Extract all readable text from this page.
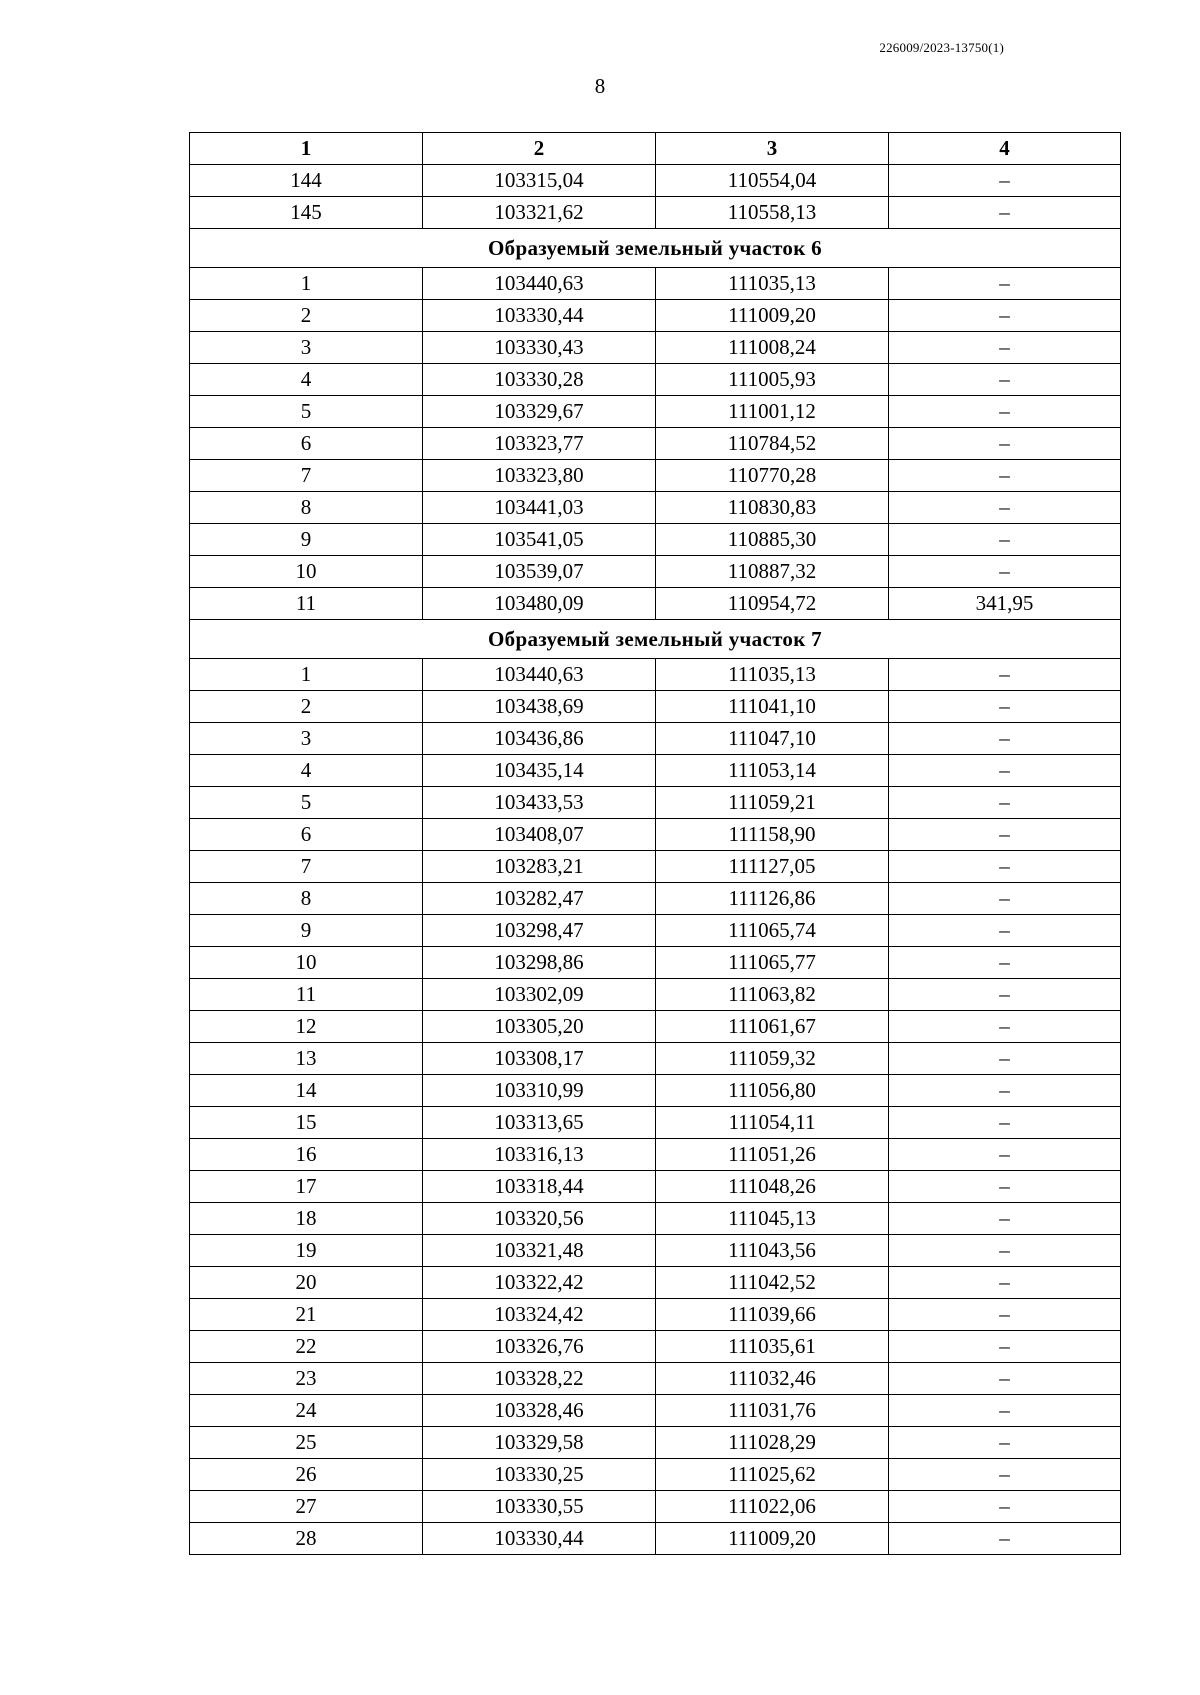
226009/2023-13750(1)
8
1	2	3	4
144	103315,04	110554,04	–
145	103321,62	110558,13	–
Образуемый земельный участок 6			
1	103440,63	111035,13	–
2	103330,44	111009,20	–
3	103330,43	111008,24	–
4	103330,28	111005,93	–
5	103329,67	111001,12	–
6	103323,77	110784,52	–
7	103323,80	110770,28	–
8	103441,03	110830,83	–
9	103541,05	110885,30	–
10	103539,07	110887,32	–
11	103480,09	110954,72	341,95
Образуемый земельный участок 7			
1	103440,63	111035,13	–
2	103438,69	111041,10	–
3	103436,86	111047,10	–
4	103435,14	111053,14	–
5	103433,53	111059,21	–
6	103408,07	111158,90	–
7	103283,21	111127,05	–
8	103282,47	111126,86	–
9	103298,47	111065,74	–
10	103298,86	111065,77	–
11	103302,09	111063,82	–
12	103305,20	111061,67	–
13	103308,17	111059,32	–
14	103310,99	111056,80	–
15	103313,65	111054,11	–
16	103316,13	111051,26	–
17	103318,44	111048,26	–
18	103320,56	111045,13	–
19	103321,48	111043,56	–
20	103322,42	111042,52	–
21	103324,42	111039,66	–
22	103326,76	111035,61	–
23	103328,22	111032,46	–
24	103328,46	111031,76	–
25	103329,58	111028,29	–
26	103330,25	111025,62	–
27	103330,55	111022,06	–
28	103330,44	111009,20	–
